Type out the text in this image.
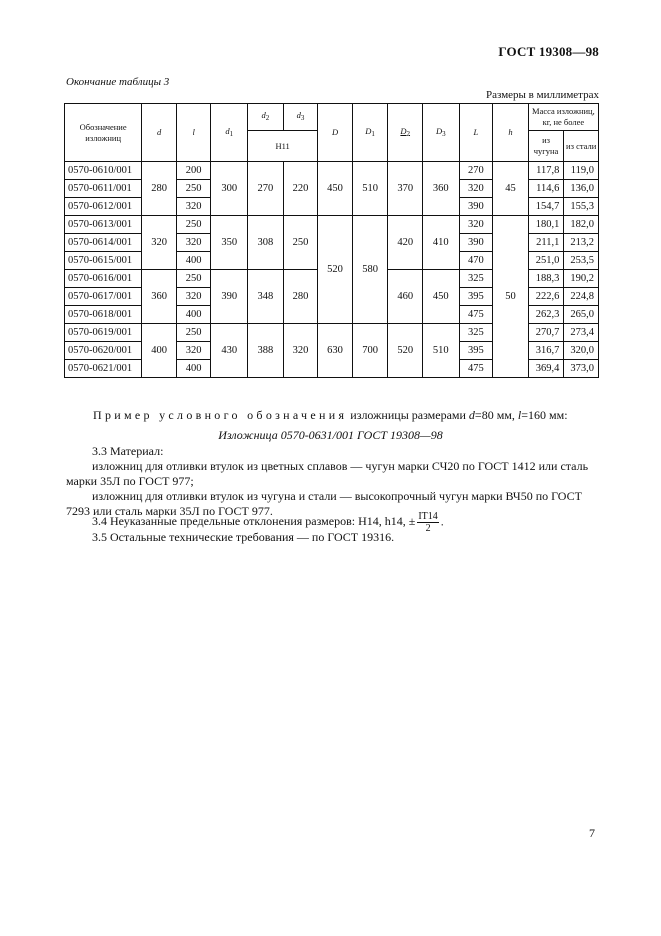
ГОСТ 19308—98
Окончание таблицы 3
Размеры в миллиметрах
Обозначение изложниц	d	l	$d_1$	$d_2$	$d_3$	D	$D_1$	$D_2$	$D_3$	L	h	Масса изложниц, кг, не более	
				H11									
												из чугуна	из стали
0570-0610/001	280	200	300	270	220	450	510	370	360	270	45	117,8	119,0
0570-0611/001		250								320		114,6	136,0
0570-0612/001		320								390		154,7	155,3
0570-0613/001	320	250	350	308	250	520	580	420	410	320	50	180,1	182,0
0570-0614/001		320								390		211,1	213,2
0570-0615/001		400								470		251,0	253,5
0570-0616/001	360	250	390	348	280			460	450	325		188,3	190,2
0570-0617/001		320								395		222,6	224,8
0570-0618/001		400								475		262,3	265,0
0570-0619/001	400	250	430	388	320	630	700	520	510	325		270,7	273,4
0570-0620/001		320								395		316,7	320,0
0570-0621/001		400								475		369,4	373,0
Пример условного обозначения изложницы размерами d=80 мм, l=160 мм:
Изложница 0570-0631/001 ГОСТ 19308—98
3.3 Материал:
изложниц для отливки втулок из цветных сплавов — чугун марки СЧ20 по ГОСТ 1412 или сталь марки 35Л по ГОСТ 977;
изложниц для отливки втулок из чугуна и стали — высокопрочный чугун марки ВЧ50 по ГОСТ 7293 или сталь марки 35Л по ГОСТ 977.
3.4 Неуказанные предельные отклонения размеров: Н14, h14, ± $\frac{IT14}{2}$ .
3.5 Остальные технические требования — по ГОСТ 19316.
7
